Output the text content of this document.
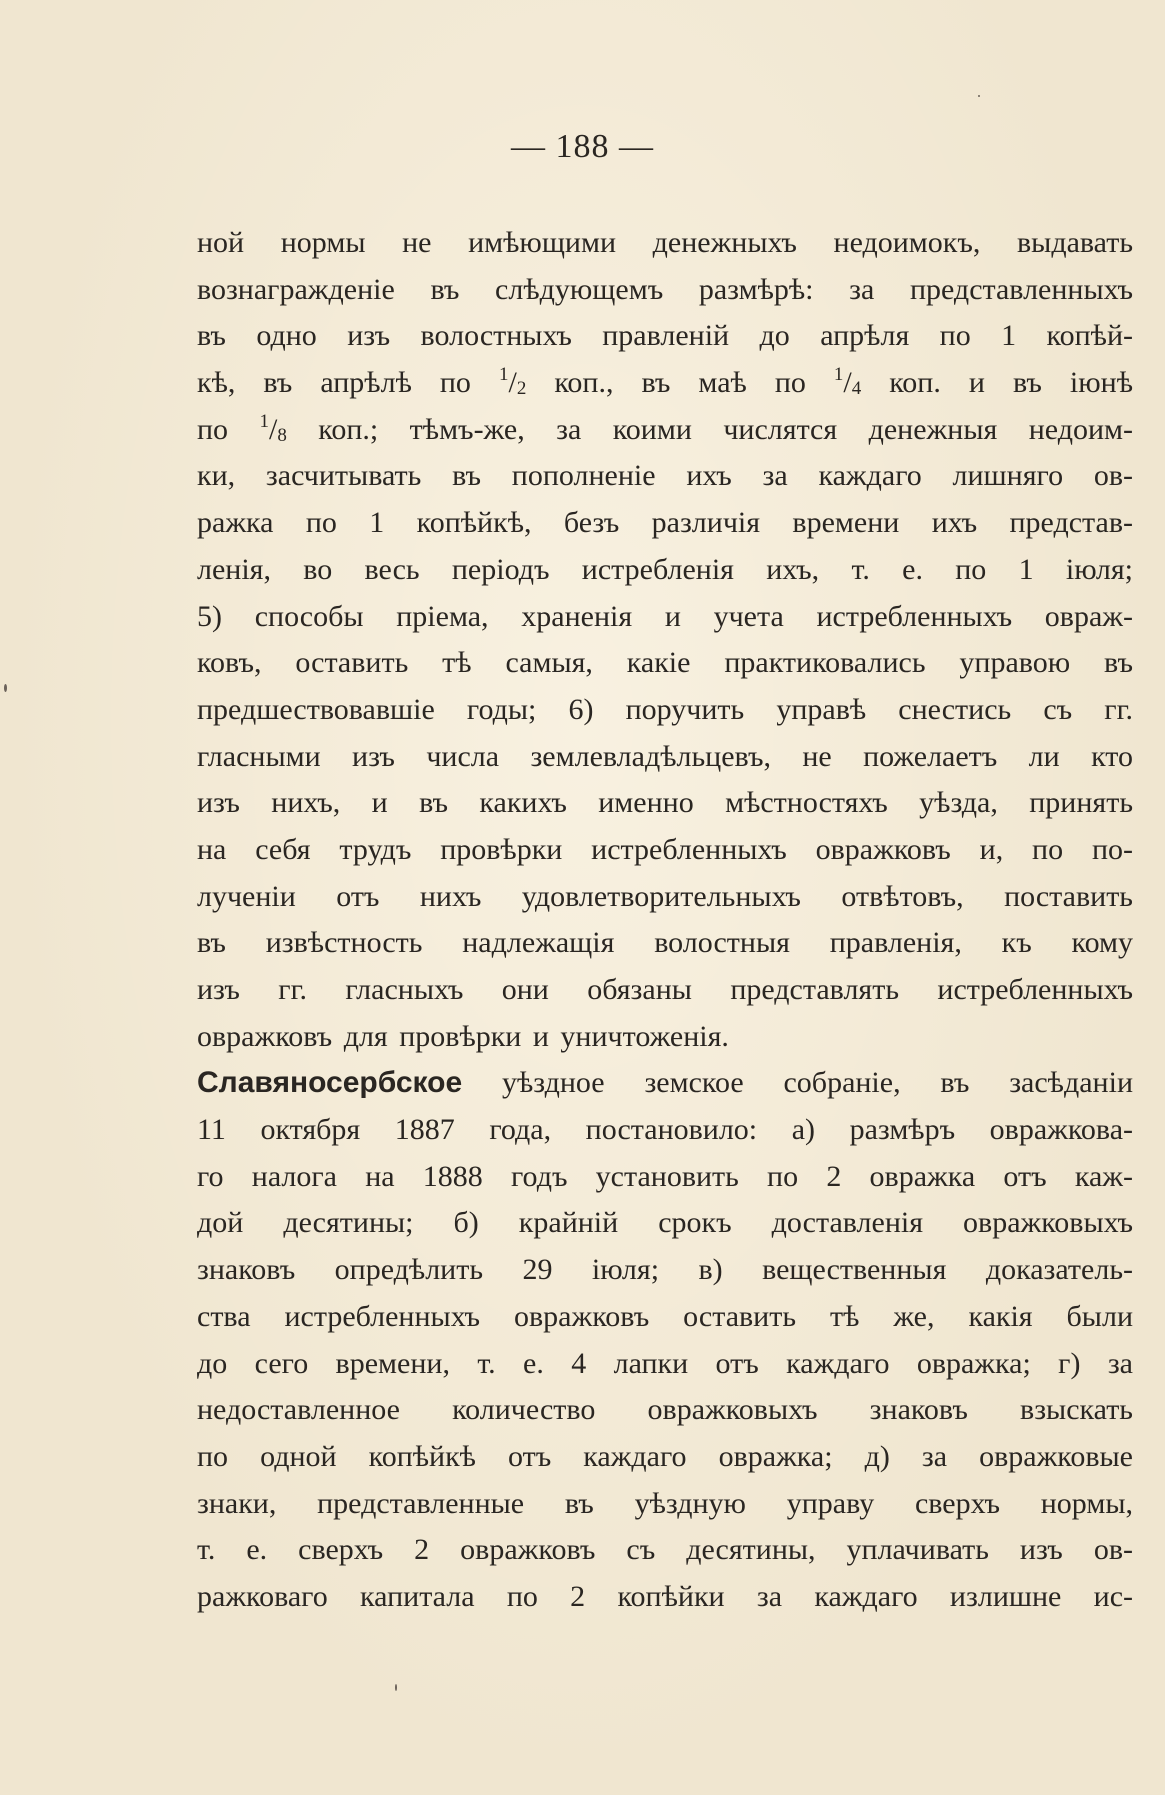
— 188 —
ной нормы не имѣющими денежныхъ недоимокъ, выдавать
вознагражденіе въ слѣдующемъ размѣрѣ: за представленныхъ
въ одно изъ волостныхъ правленій до апрѣля по 1 копѣй-
кѣ, въ апрѣлѣ по $^1/_2$ коп., въ маѣ по $^1/_4$ коп. и въ іюнѣ
по $^1/_8$ коп.; тѣмъ-же, за коими числятся денежныя недоим-
ки, засчитывать въ пополненіе ихъ за каждаго лишняго ов-
ражка по 1 копѣйкѣ, безъ различія времени ихъ представ-
ленія, во весь періодъ истребленія ихъ, т. е. по 1 іюля;
5) способы пріема, храненія и учета истребленныхъ овраж-
ковъ, оставить тѣ самыя, какіе практиковались управою въ
предшествовавшіе годы; 6) поручить управѣ снестись съ гг.
гласными изъ числа землевладѣльцевъ, не пожелаетъ ли кто
изъ нихъ, и въ какихъ именно мѣстностяхъ уѣзда, принять
на себя трудъ провѣрки истребленныхъ овражковъ и, по по-
лученіи отъ нихъ удовлетворительныхъ отвѣтовъ, поставить
въ извѣстность надлежащія волостныя правленія, къ кому
изъ гг. гласныхъ они обязаны представлять истребленныхъ
овражковъ для провѣрки и уничтоженія.
Славяносербское уѣздное земское собраніе, въ засѣданіи
11 октября 1887 года, постановило: а) размѣръ овражкова-
го налога на 1888 годъ установить по 2 овражка отъ каж-
дой десятины; б) крайній срокъ доставленія овражковыхъ
знаковъ опредѣлить 29 іюля; в) вещественныя доказатель-
ства истребленныхъ овражковъ оставить тѣ же, какія были
до сего времени, т. е. 4 лапки отъ каждаго овражка; г) за
недоставленное количество овражковыхъ знаковъ взыскать
по одной копѣйкѣ отъ каждаго овражка; д) за овражковые
знаки, представленные въ уѣздную управу сверхъ нормы,
т. е. сверхъ 2 овражковъ съ десятины, уплачивать изъ ов-
ражковаго капитала по 2 копѣйки за каждаго излишне ис-
